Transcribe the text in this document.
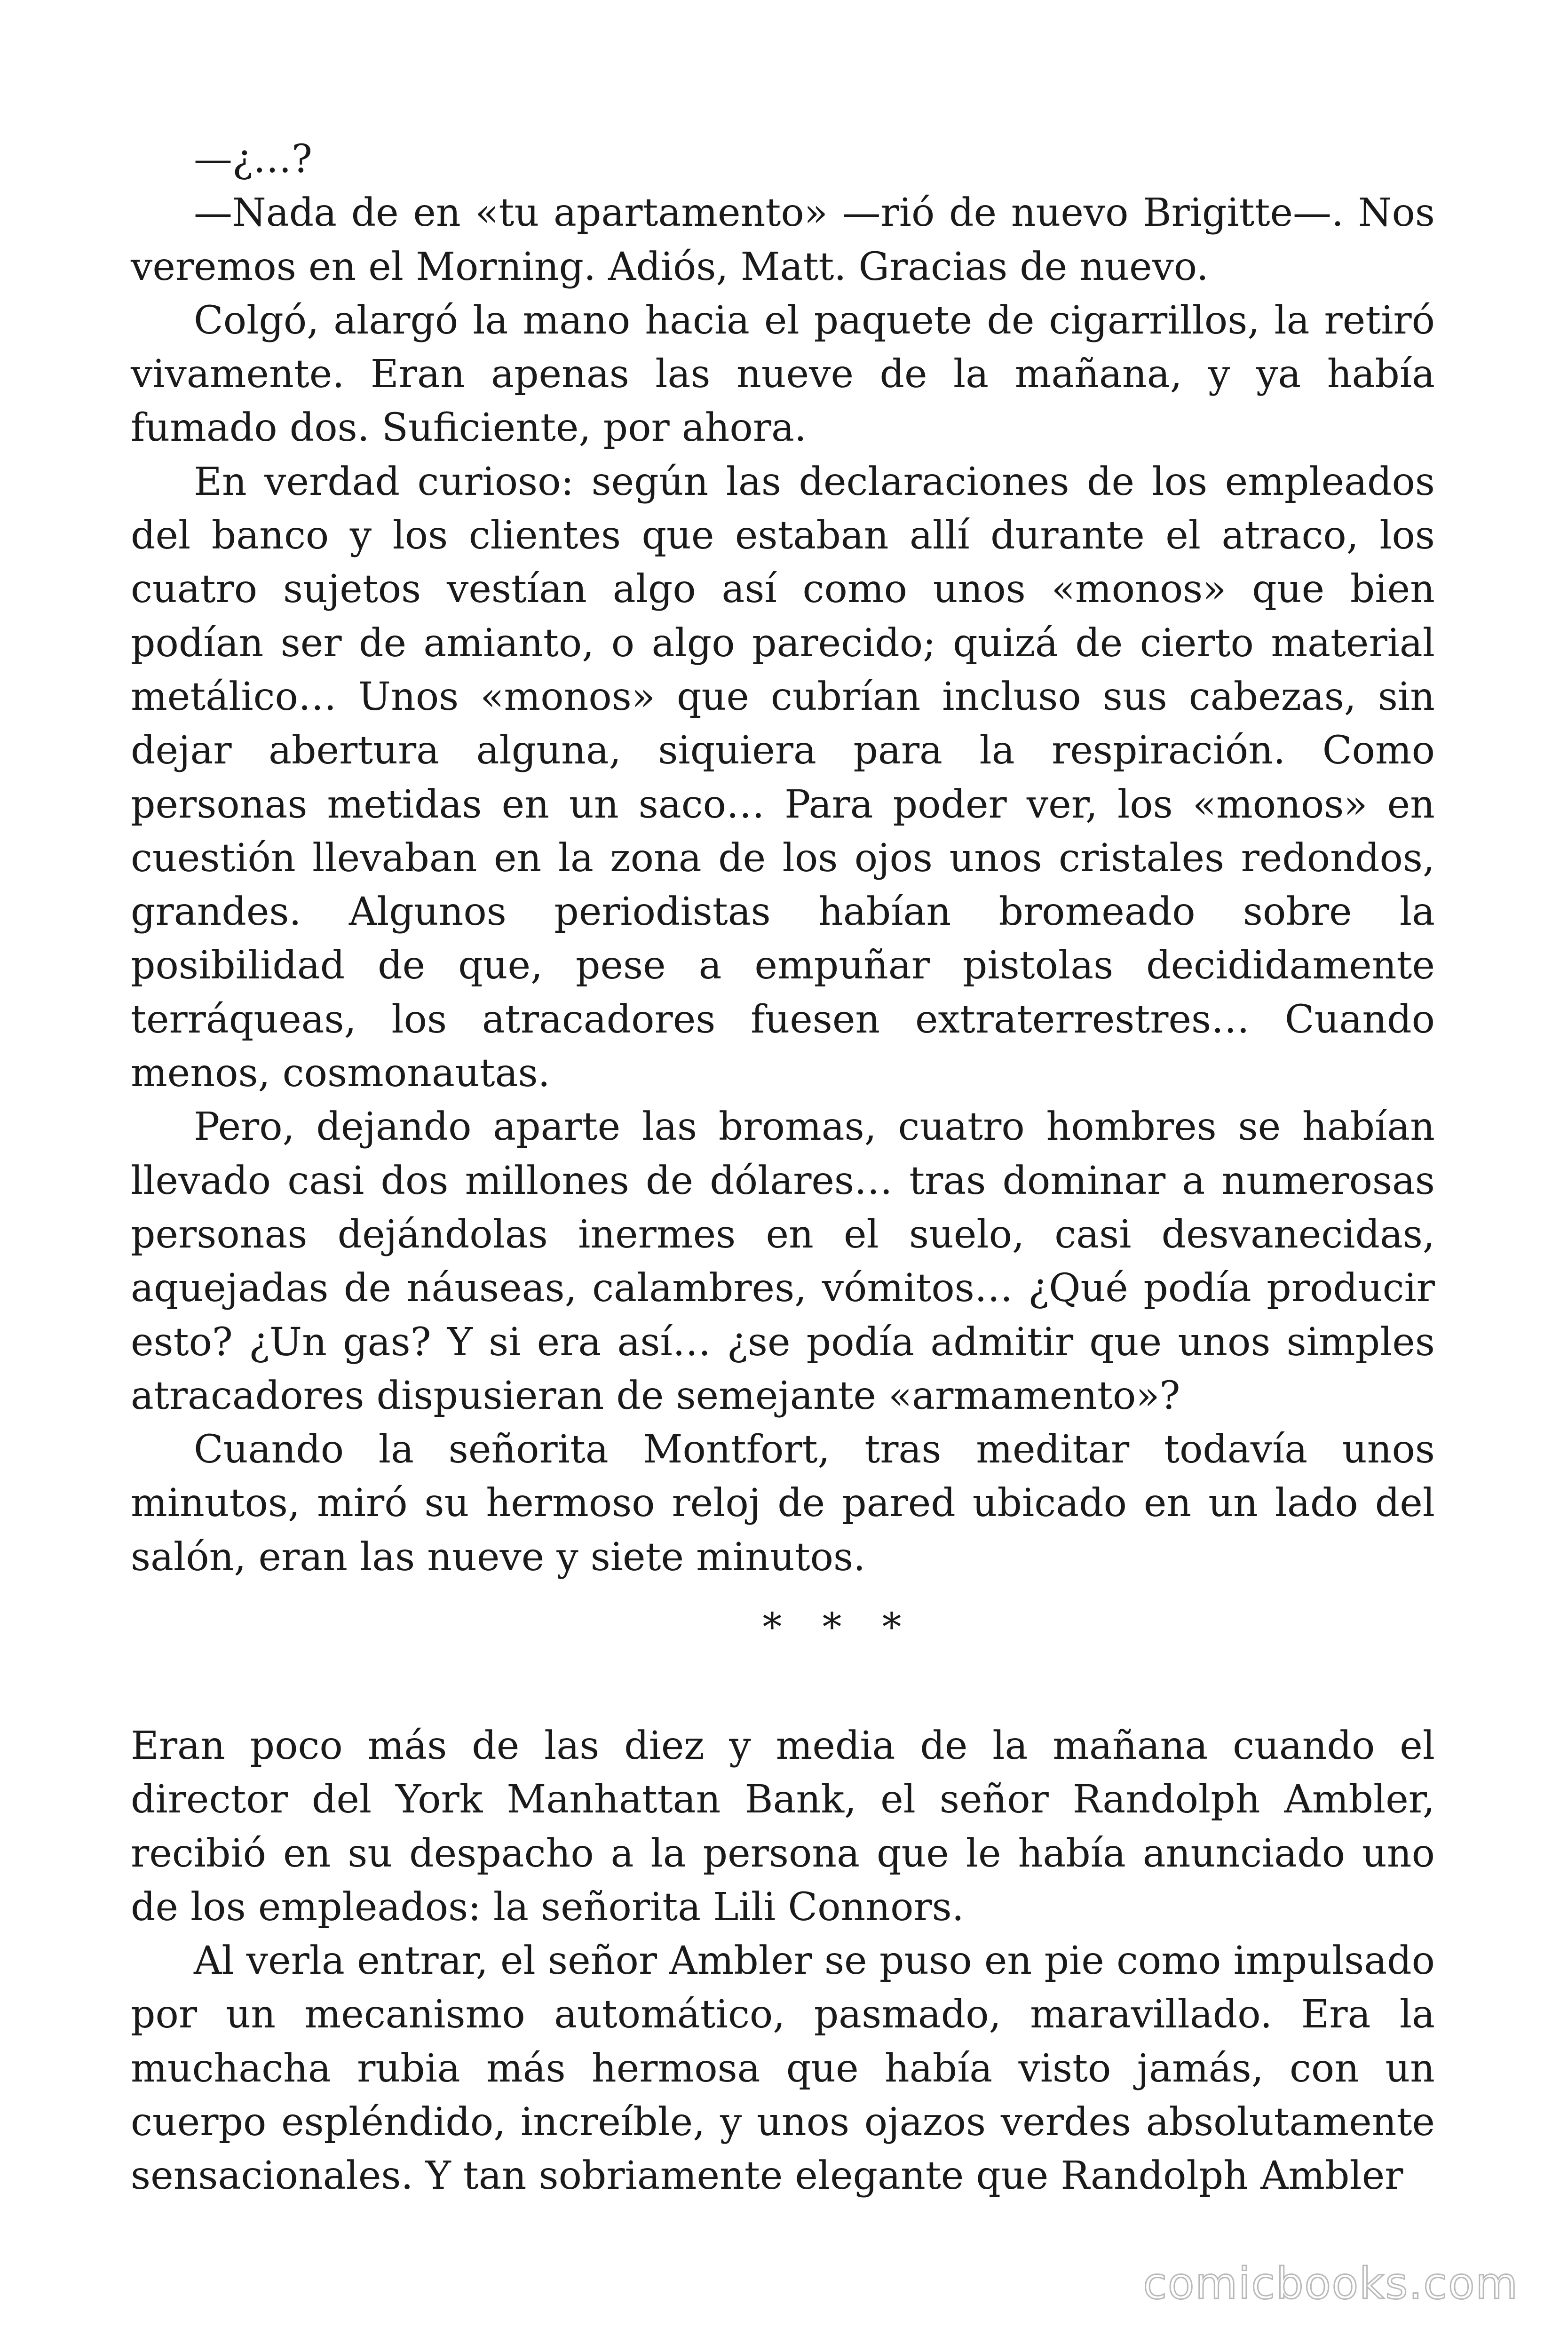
—¿…?

—Nada de en «tu apartamento» —rió de nuevo Brigitte—. Nos veremos en el Morning. Adiós, Matt. Gracias de nuevo.

Colgó, alargó la mano hacia el paquete de cigarrillos, la retiró vivamente. Eran apenas las nueve de la mañana, y ya había fumado dos. Suficiente, por ahora.

En verdad curioso: según las declaraciones de los empleados del banco y los clientes que estaban allí durante el atraco, los cuatro sujetos vestían algo así como unos «monos» que bien podían ser de amianto, o algo parecido; quizá de cierto material metálico… Unos «monos» que cubrían incluso sus cabezas, sin dejar abertura alguna, siquiera para la respiración. Como personas metidas en un saco… Para poder ver, los «monos» en cuestión llevaban en la zona de los ojos unos cristales redondos, grandes. Algunos periodistas habían bromeado sobre la posibilidad de que, pese a empuñar pistolas decididamente terráqueas, los atracadores fuesen extraterrestres… Cuando menos, cosmonautas.

Pero, dejando aparte las bromas, cuatro hombres se habían llevado casi dos millones de dólares… tras dominar a numerosas personas dejándolas inermes en el suelo, casi desvanecidas, aquejadas de náuseas, calambres, vómitos… ¿Qué podía producir esto? ¿Un gas? Y si era así… ¿se podía admitir que unos simples atracadores dispusieran de semejante «armamento»?

Cuando la señorita Montfort, tras meditar todavía unos minutos, miró su hermoso reloj de pared ubicado en un lado del salón, eran las nueve y siete minutos.

* * *

Eran poco más de las diez y media de la mañana cuando el director del York Manhattan Bank, el señor Randolph Ambler, recibió en su despacho a la persona que le había anunciado uno de los empleados: la señorita Lili Connors.

Al verla entrar, el señor Ambler se puso en pie como impulsado por un mecanismo automático, pasmado, maravillado. Era la muchacha rubia más hermosa que había visto jamás, con un cuerpo espléndido, increíble, y unos ojazos verdes absolutamente sensacionales. Y tan sobriamente elegante que Randolph Ambler

comicbooks.com
